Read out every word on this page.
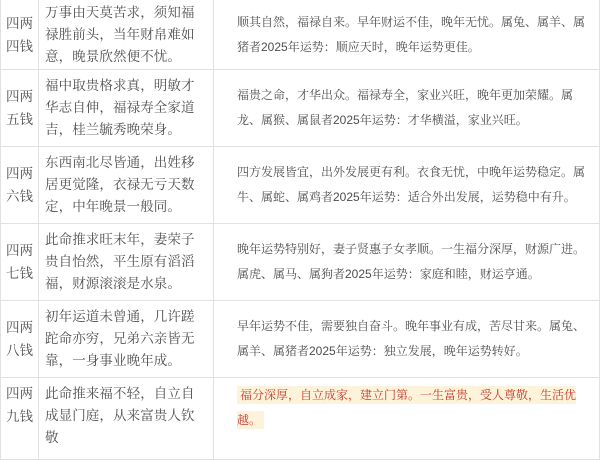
四两
四钱	万事由天莫苦求，须知福禄胜前头，当年财帛难如意，晚景欣然便不忧。	顺其自然，福禄自来。早年财运不佳，晚年无忧。属兔、属羊、属猪者2025年运势：顺应天时，晚年运势更佳。

四两
五钱	福中取贵格求真，明敏才华志自伸，福禄寿全家道吉，桂兰毓秀晚荣身。	福贵之命，才华出众。福禄寿全，家业兴旺，晚年更加荣耀。属龙、属猴、属鼠者2025年运势：才华横溢，家业兴旺。

四两
六钱	东西南北尽皆通，出姓移居更觉隆，衣禄无亏天数定，中年晚景一般同。	四方发展皆宜，出外发展更有利。衣食无忧，中晚年运势稳定。属牛、属蛇、属鸡者2025年运势：适合外出发展，运势稳中有升。

四两
七钱	此命推求旺末年，妻荣子贵自怡然，平生原有滔滔福，财源滚滚是水泉。	晚年运势特别好，妻子贤惠子女孝顺。一生福分深厚，财源广进。属虎、属马、属狗者2025年运势：家庭和睦，财运亨通。

四两
八钱	初年运道未曾通，几许蹉跎命亦穷，兄弟六亲皆无靠，一身事业晚年成。	早年运势不佳，需要独自奋斗。晚年事业有成，苦尽甘来。属兔、属羊、属猪者2025年运势：独立发展，晚年运势转好。

四两
九钱	此命推来福不轻，自立自成显门庭，从来富贵人钦敬	福分深厚，自立成家，建立门第。一生富贵，受人尊敬，生活优越。
